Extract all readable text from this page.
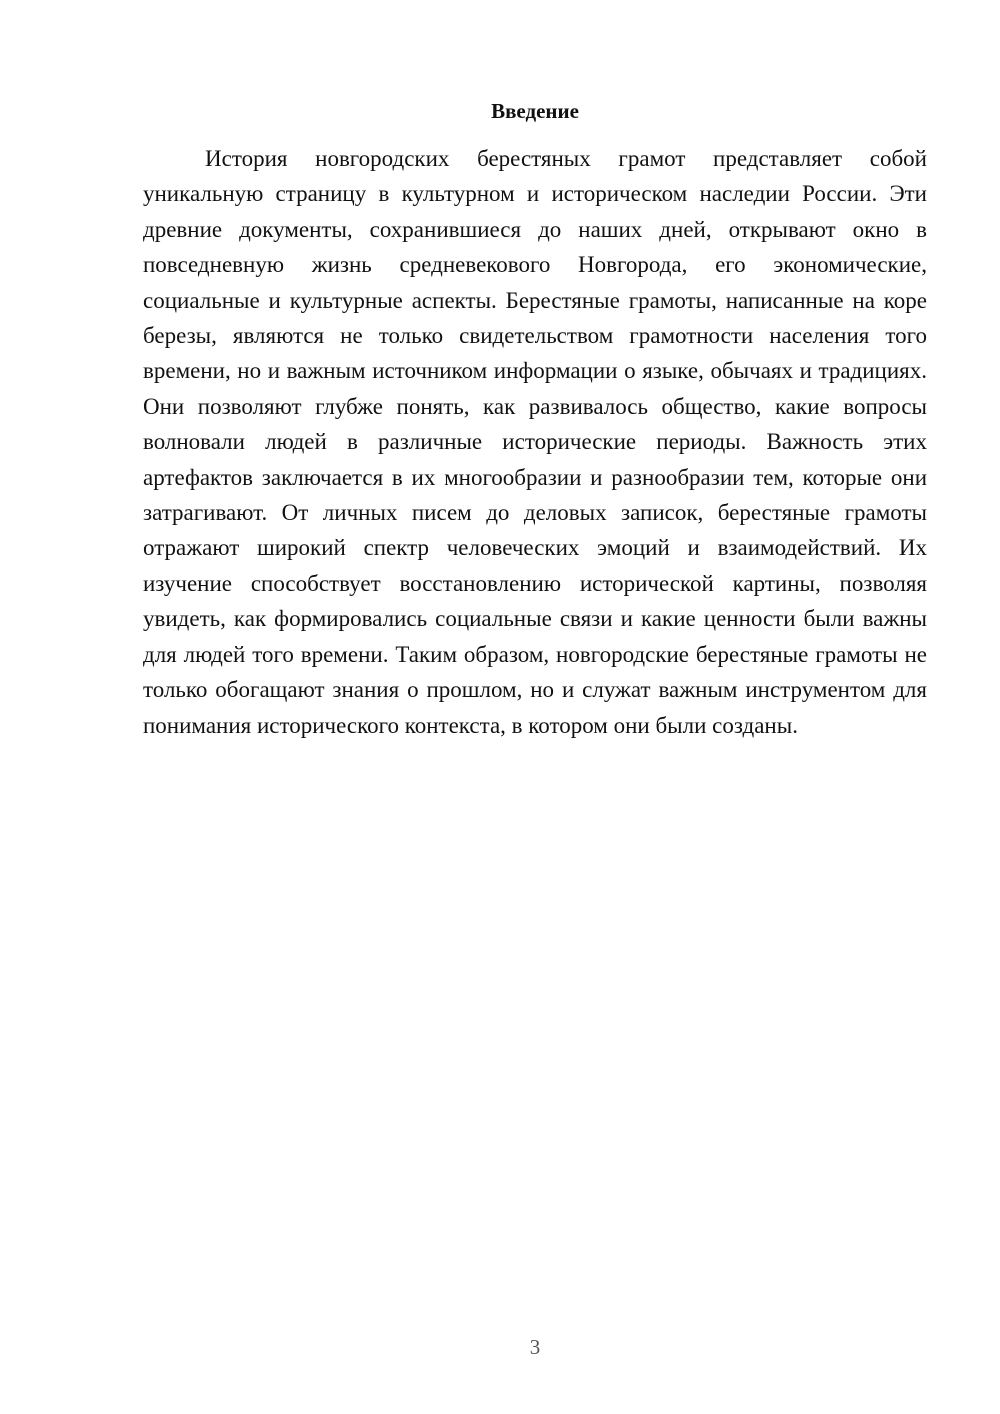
Введение

История новгородских берестяных грамот представляет собой уникальную страницу в культурном и историческом наследии России. Эти древние документы, сохранившиеся до наших дней, открывают окно в повседневную жизнь средневекового Новгорода, его экономические, социальные и культурные аспекты. Берестяные грамоты, написанные на коре березы, являются не только свидетельством грамотности населения того времени, но и важным источником информации о языке, обычаях и традициях. Они позволяют глубже понять, как развивалось общество, какие вопросы волновали людей в различные исторические периоды. Важность этих артефактов заключается в их многообразии и разнообразии тем, которые они затрагивают. От личных писем до деловых записок, берестяные грамоты отражают широкий спектр человеческих эмоций и взаимодействий. Их изучение способствует восстановлению исторической картины, позволяя увидеть, как формировались социальные связи и какие ценности были важны для людей того времени. Таким образом, новгородские берестяные грамоты не только обогащают знания о прошлом, но и служат важным инструментом для понимания исторического контекста, в котором они были созданы.

3
